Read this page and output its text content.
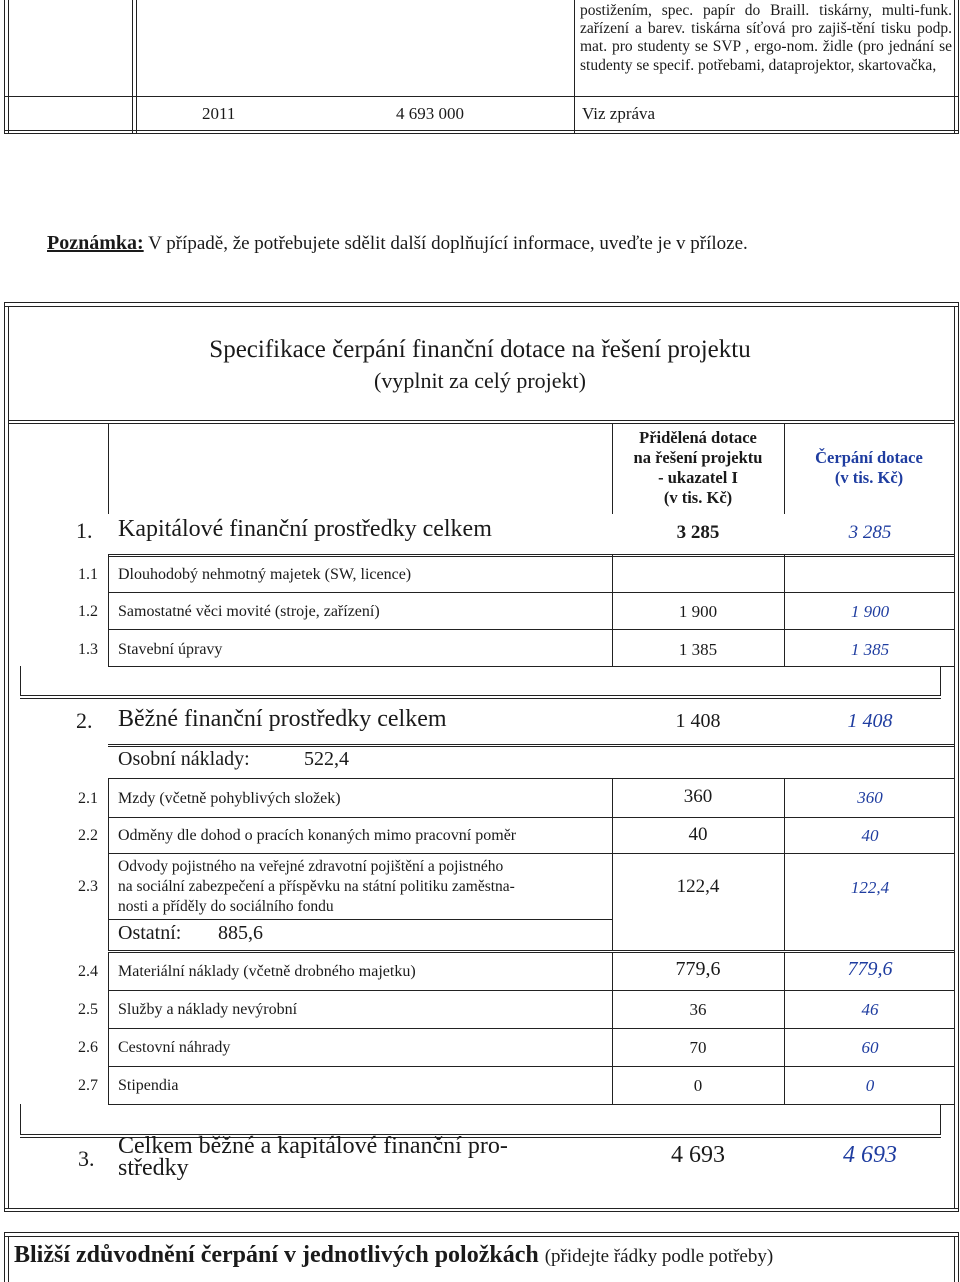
postižením, spec. papír do Braill. tiskárny, multi-funk. zařízení a barev. tiskárna síťová pro zajiš-tění tisku podp. mat. pro studenty se SVP , ergo-nom. židle (pro jednání se studenty se specif. potřebami, dataprojektor, skartovačka,
2011	4 693 000	Viz zpráva
Poznámka: V případě, že potřebujete sdělit další doplňující informace, uveďte je v příloze.
Specifikace čerpání finanční dotace na řešení projektu
(vyplnit za celý projekt)
Přidělená dotace
na řešení projektu
- ukazatel I
(v tis. Kč)
Čerpání dotace
(v tis. Kč)
1. Kapitálové finanční prostředky celkem	3 285	3 285
1.1 Dlouhodobý nehmotný majetek (SW, licence)
1.2 Samostatné věci movité (stroje, zařízení)	1 900	1 900
1.3 Stavební úpravy	1 385	1 385
2. Běžné finanční prostředky celkem	1 408	1 408
Osobní náklady:	522,4
2.1 Mzdy (včetně pohyblivých složek)	360	360
2.2 Odměny dle dohod o pracích konaných mimo pracovní poměr	40	40
2.3
Odvody pojistného na veřejné zdravotní pojištění a pojistného
na sociální zabezpečení a příspěvku na státní politiku zaměstna-
nosti a příděly do sociálního fondu
122,4	122,4
Ostatní: 885,6
2.4 Materiální náklady (včetně drobného majetku)	779,6	779,6
2.5 Služby a náklady nevýrobní	36	46
2.6 Cestovní náhrady	70	60
2.7 Stipendia	0	0
3. Celkem běžné a kapitálové finanční pro-
středky	4 693	4 693
Bližší zdůvodnění čerpání v jednotlivých položkách (přidejte řádky podle potřeby)
